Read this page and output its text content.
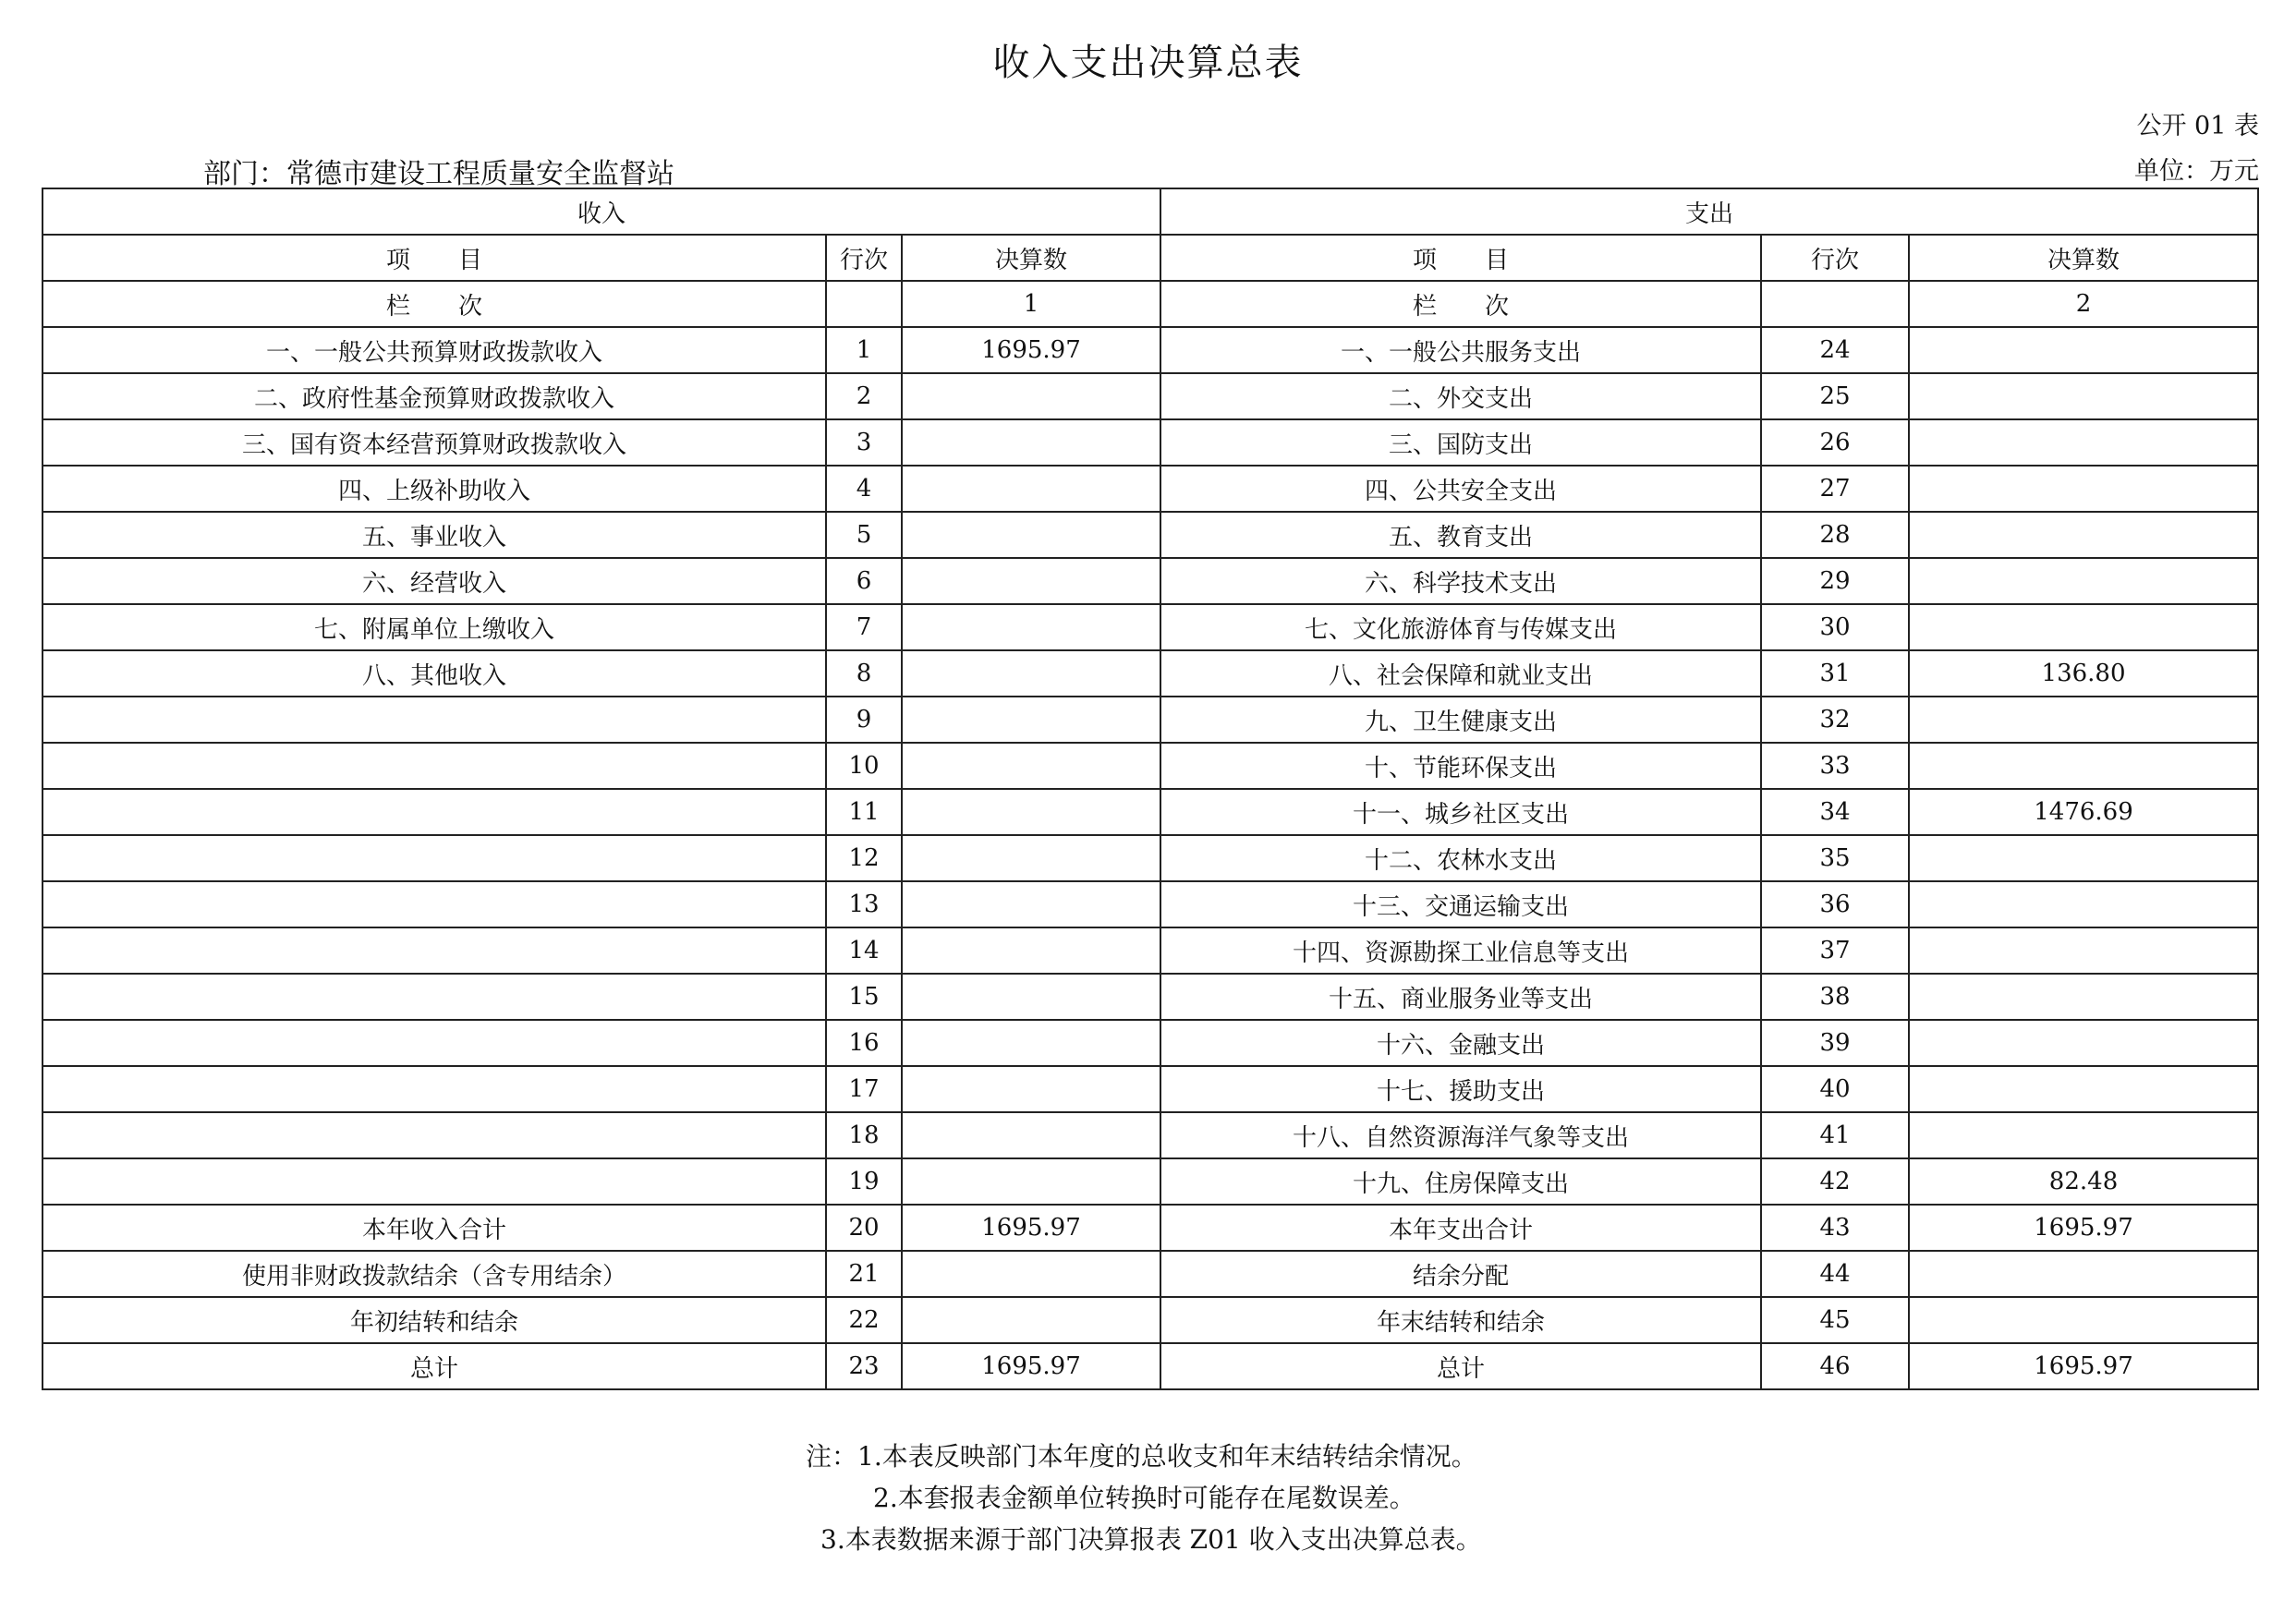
收入支出决算总表
公开 01 表
部门：常德市建设工程质量安全监督站	单位：万元
收入			支出		
项　　目	行次	决算数	项　　目	行次	决算数
栏　　次		1	栏　　次		2
一、一般公共预算财政拨款收入	1	1695.97	一、一般公共服务支出	24	
二、政府性基金预算财政拨款收入	2		二、外交支出	25	
三、国有资本经营预算财政拨款收入	3		三、国防支出	26	
四、上级补助收入	4		四、公共安全支出	27	
五、事业收入	5		五、教育支出	28	
六、经营收入	6		六、科学技术支出	29	
七、附属单位上缴收入	7		七、文化旅游体育与传媒支出	30	
八、其他收入	8		八、社会保障和就业支出	31	136.80
	9		九、卫生健康支出	32	
	10		十、节能环保支出	33	
	11		十一、城乡社区支出	34	1476.69
	12		十二、农林水支出	35	
	13		十三、交通运输支出	36	
	14		十四、资源勘探工业信息等支出	37	
	15		十五、商业服务业等支出	38	
	16		十六、金融支出	39	
	17		十七、援助支出	40	
	18		十八、自然资源海洋气象等支出	41	
	19		十九、住房保障支出	42	82.48
本年收入合计	20	1695.97	本年支出合计	43	1695.97
使用非财政拨款结余（含专用结余）	21		结余分配	44	
年初结转和结余	22		年末结转和结余	45	
总计	23	1695.97	总计	46	1695.97
注：1.本表反映部门本年度的总收支和年末结转结余情况。
2.本套报表金额单位转换时可能存在尾数误差。
3.本表数据来源于部门决算报表 Z01 收入支出决算总表。
